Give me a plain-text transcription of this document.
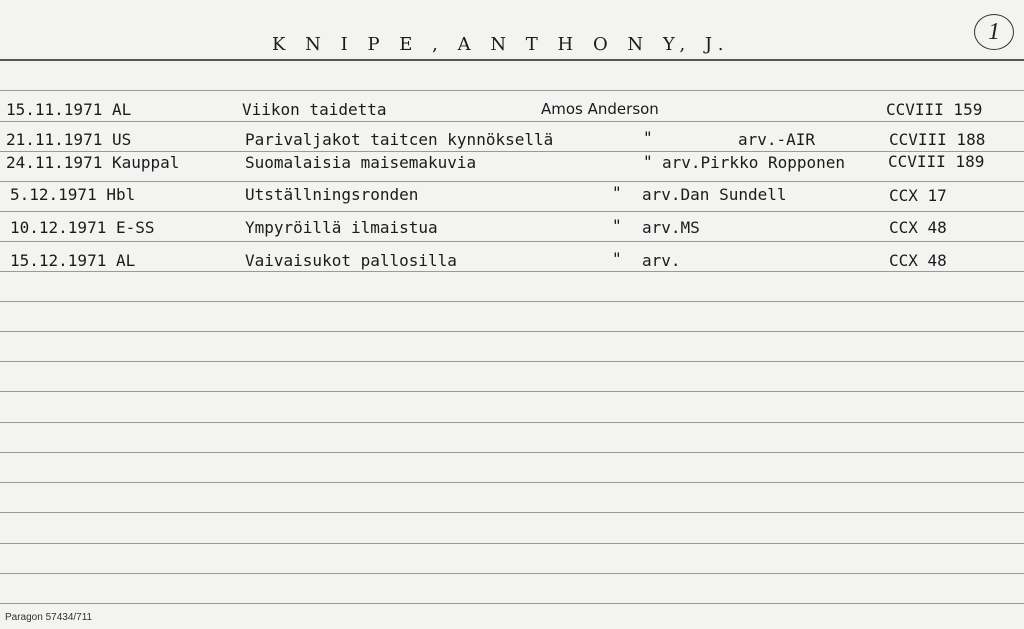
K N I P E , A N T H O N Y, J.	1
15.11.1971 AL	Viikon taidetta	Amos Anderson	CCVIII 159
21.11.1971 US	Parivaljakot taitcen kynnöksellä	"	arv.-AIR	CCVIII 188
24.11.1971 Kauppal	Suomalaisia maisemakuvia	" arv.Pirkko Ropponen	CCVIII 189
5.12.1971 Hbl	Utställningsronden	" arv.Dan Sundell	CCX 17
10.12.1971 E-SS	Ympyröillä ilmaistua	" arv.MS	CCX 48
15.12.1971 AL	Vaivaisukot pallosilla	" arv.	CCX 48
Paragon 57434/711
